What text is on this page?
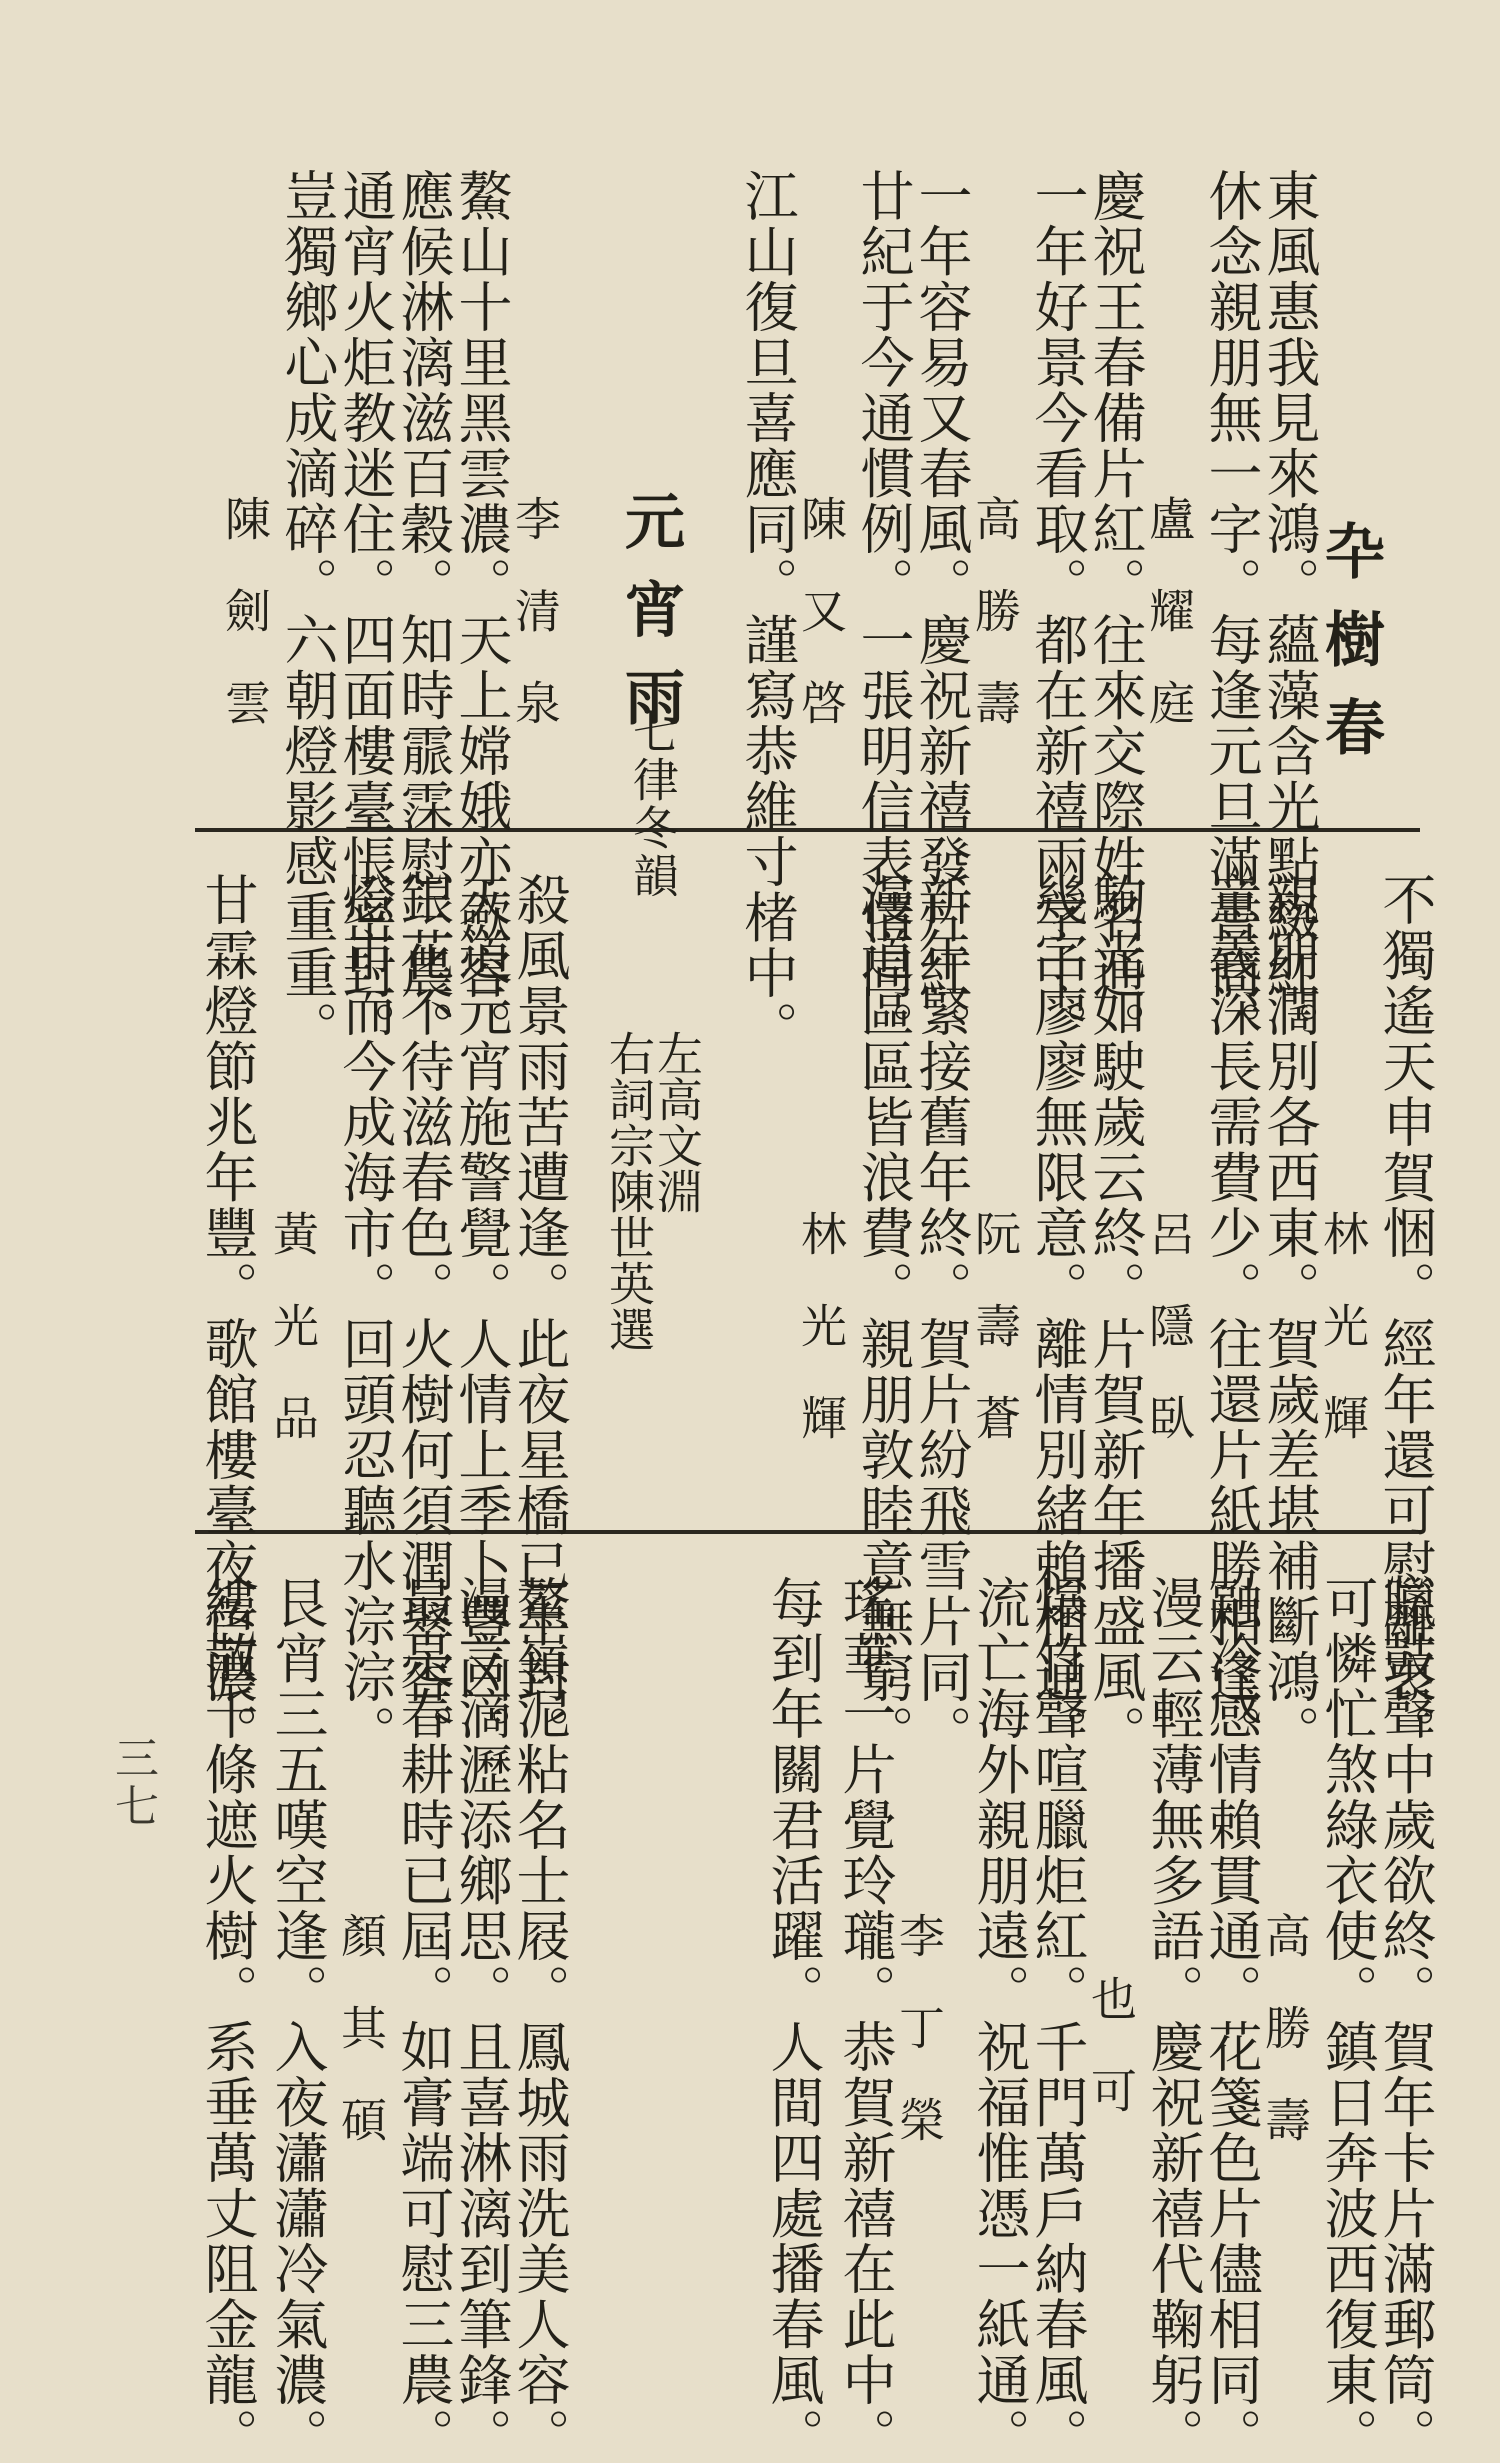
卆樹春
東風惠我見來鴻。蘊藻含光點綴紅。
休念親朋無一字。每逢元旦滿書筒。
盧耀庭
慶祝王春備片紅。往來交際姓名通。
一年好景今看取。都在新禧兩字中。
高勝壽
一年容易又春風。慶祝新禧發片紅。
廿紀于今通慣例。一張明信表情同。
陳又啓
江山復旦喜應同。謹寫恭維寸楮中。
元宵雨
七律冬韻
李清泉
鰲山十里黑雲濃。天上嫦娥亦歛容。
應候淋漓滋百穀。知時霢霂慰三農。
通宵火炬教迷住。四面樓臺悵密封。
豈獨鄉心成滴碎。六朝燈影感重重。
陳劍雲
不獨遙天申賀悃。經年還可慰離衷。
林光輝
親朋濶別各西東。賀歲差堪補斷鴻。
意義深長需費少。往還片紙勝相逢。
呂隱臥
駒光如駛歲云終。片賀新年播盛風。
幾字廖廖無限意。離情別緒賴相通。
阮壽蒼
新年緊接舊年終。賀片紛飛雪片同。
漫道區區皆浪費。親朋敦睦意無窮。
林光輝
左高文淵
右詞宗陳世英選
殺風景雨苦遭逢。此夜星橋已半封。
天道元宵施警覺。人情上季卜豐凶。
銀花不待滋春色。火樹何須潤翠容。
燈市而今成海市。回頭忍聽水淙淙。
黃光品
甘霖燈節兆年豐。歌館樓臺夜色濃。
臘鼓聲中歲欲終。賀年卡片滿郵筒。
可憐忙煞綠衣使。鎮日奔波西復東。
高勝壽
融冷感情賴貫通。花箋色片儘相同。
漫云輕薄無多語。慶祝新禧代鞠躬。
也可
爆竹聲喧臘炬紅。千門萬戶納春風。
流亡海外親朋遠。祝福惟憑一紙通。
李丁榮
瑤華一片覺玲瓏。恭賀新禧在此中。
每到年關君活躍。人間四處播春風。
鰲嶺泥粘名士屐。鳳城雨洗美人容。
漫言滴瀝添鄉思。且喜淋漓到筆鋒。
最是春耕時已屆。如膏端可慰三農。
顏其碩
艮宵三五嘆空逢。入夜瀟瀟冷氣濃。
縷散千條遮火樹。系垂萬丈阻金龍。
三七
